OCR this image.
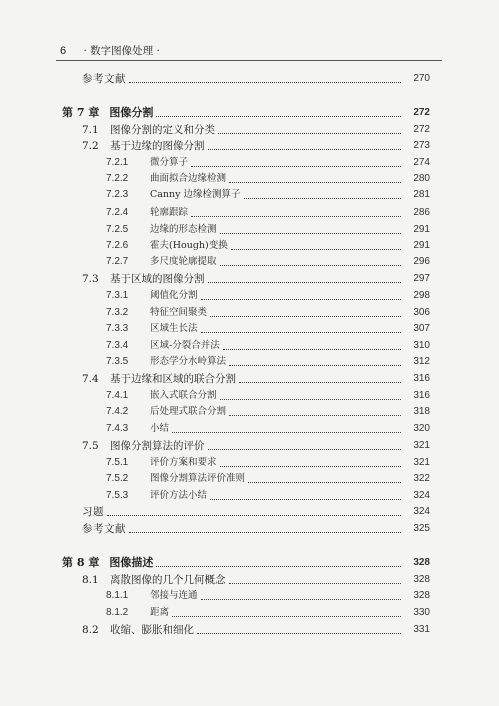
6 · 数字图像处理 ·
参考文献	270
第 7 章 图像分割	272
7.1	图像分割的定义和分类	272
7.2	基于边缘的图像分割	273
7.2.1	微分算子	274
7.2.2	曲面拟合边缘检测	280
7.2.3	Canny 边缘检测算子	281
7.2.4	轮廓跟踪	286
7.2.5	边缘的形态检测	291
7.2.6	霍夫(Hough)变换	291
7.2.7	多尺度轮廓提取	296
7.3	基于区域的图像分割	297
7.3.1	阈值化分割	298
7.3.2	特征空间聚类	306
7.3.3	区域生长法	307
7.3.4	区域-分裂合并法	310
7.3.5	形态学分水岭算法	312
7.4	基于边缘和区域的联合分割	316
7.4.1	嵌入式联合分割	316
7.4.2	后处理式联合分割	318
7.4.3	小结	320
7.5	图像分割算法的评价	321
7.5.1	评价方案和要求	321
7.5.2	图像分割算法评价准则	322
7.5.3	评价方法小结	324
习题	324
参考文献	325
第 8 章 图像描述	328
8.1	离散图像的几个几何概念	328
8.1.1	邻接与连通	328
8.1.2	距离	330
8.2	收缩、膨胀和细化	331
